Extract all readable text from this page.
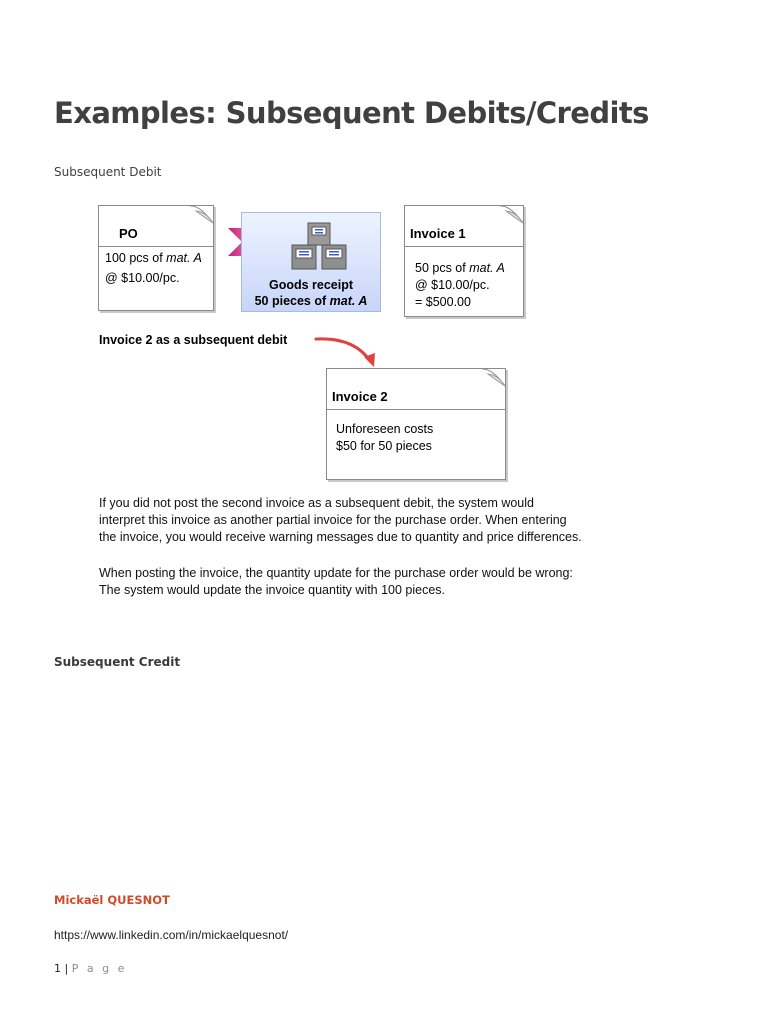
Examples: Subsequent Debits/Credits
Subsequent Debit
PO
100 pcs of mat. A
@ $10.00/pc.	Goods receipt
50 pieces of mat. A
Invoice 1
50 pcs of mat. A
@ $10.00/pc.
= $500.00
Invoice 2 as a subsequent debit
Invoice 2
Unforeseen costs
$50 for 50 pieces
If you did not post the second invoice as a subsequent debit, the system would
interpret this invoice as another partial invoice for the purchase order. When entering
the invoice, you would receive warning messages due to quantity and price differences.
When posting the invoice, the quantity update for the purchase order would be wrong:
The system would update the invoice quantity with 100 pieces.
Subsequent Credit
Mickaël QUESNOT
https://www.linkedin.com/in/mickaelquesnot/
1 | P a g e
